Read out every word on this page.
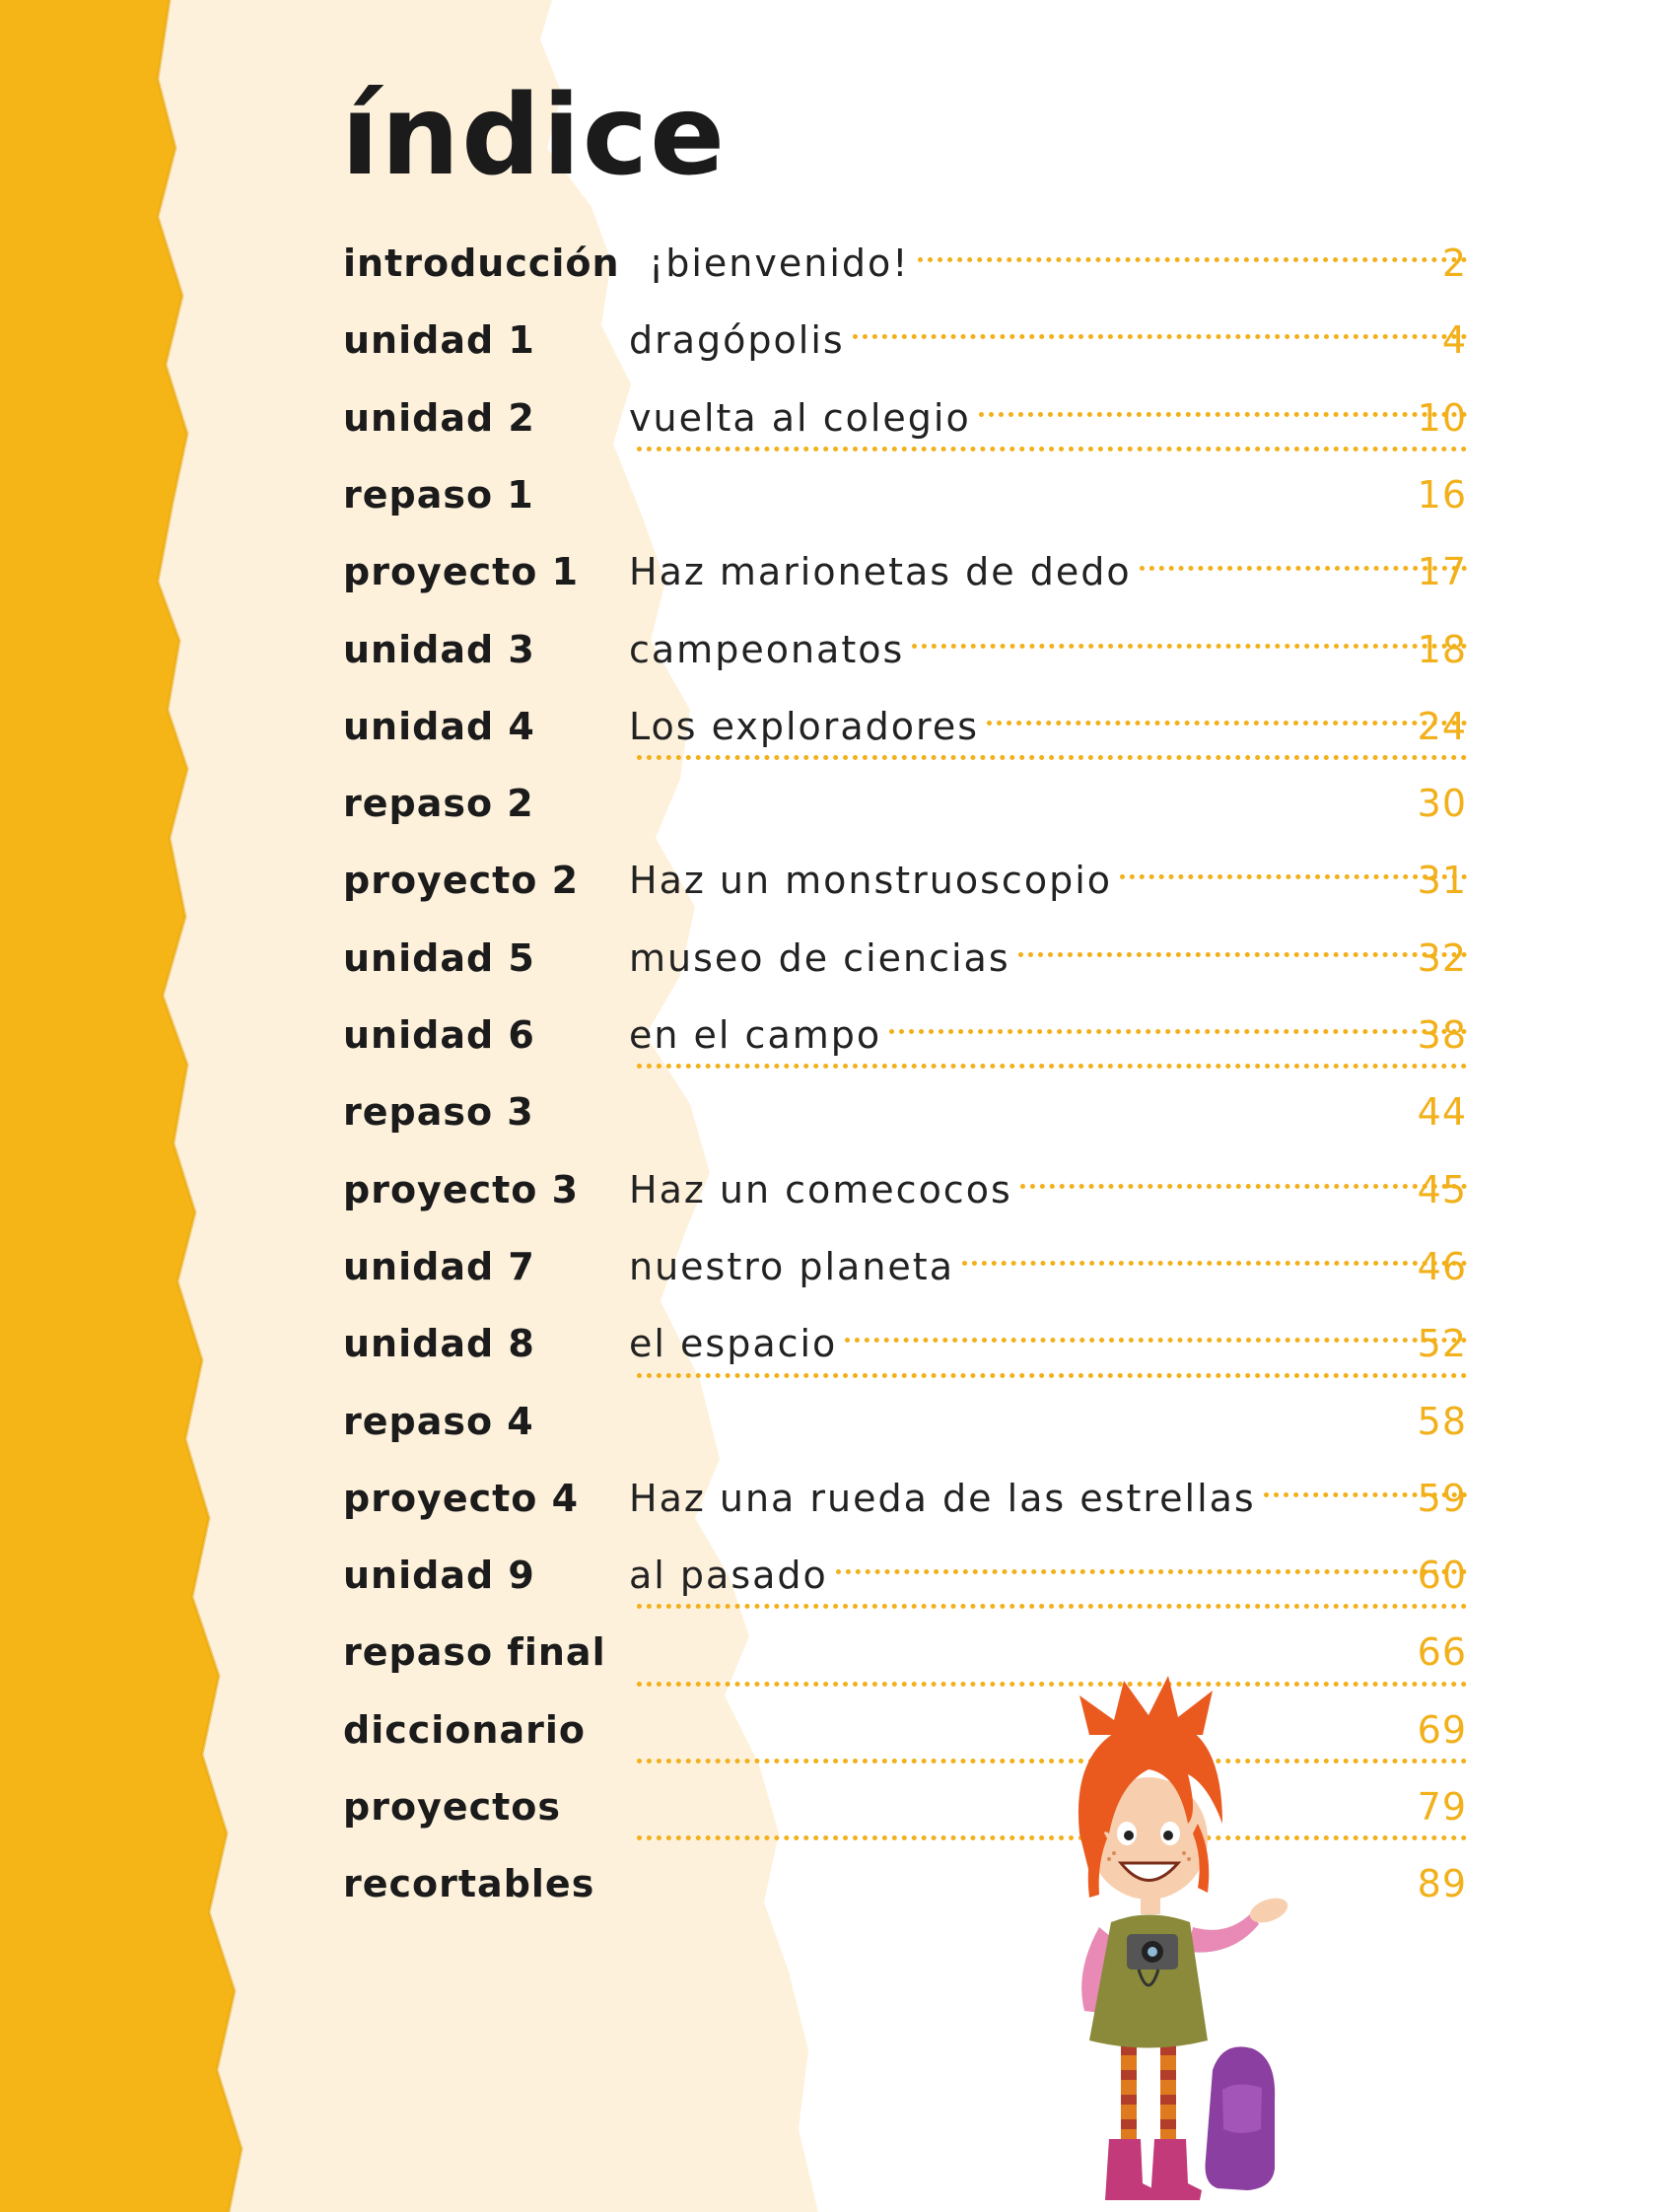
índice
introducción ¡bienvenido!	2
unidad 1	dragópolis	4
unidad 2	vuelta al colegio	10
repaso 1	16
proyecto 1 Haz marionetas de dedo	17
unidad 3	campeonatos	18
unidad 4	Los exploradores	24
repaso 2	30
proyecto 2 Haz un monstruoscopio	31
unidad 5	museo de ciencias	32
unidad 6	en el campo	38
repaso 3	44
proyecto 3 Haz un comecocos	45
unidad 7	nuestro planeta	46
unidad 8	el espacio	52
repaso 4	58
proyecto 4 Haz una rueda de las estrellas	59
unidad 9	al pasado	60
repaso final	66
diccionario	69
proyectos	79
recortables	89
